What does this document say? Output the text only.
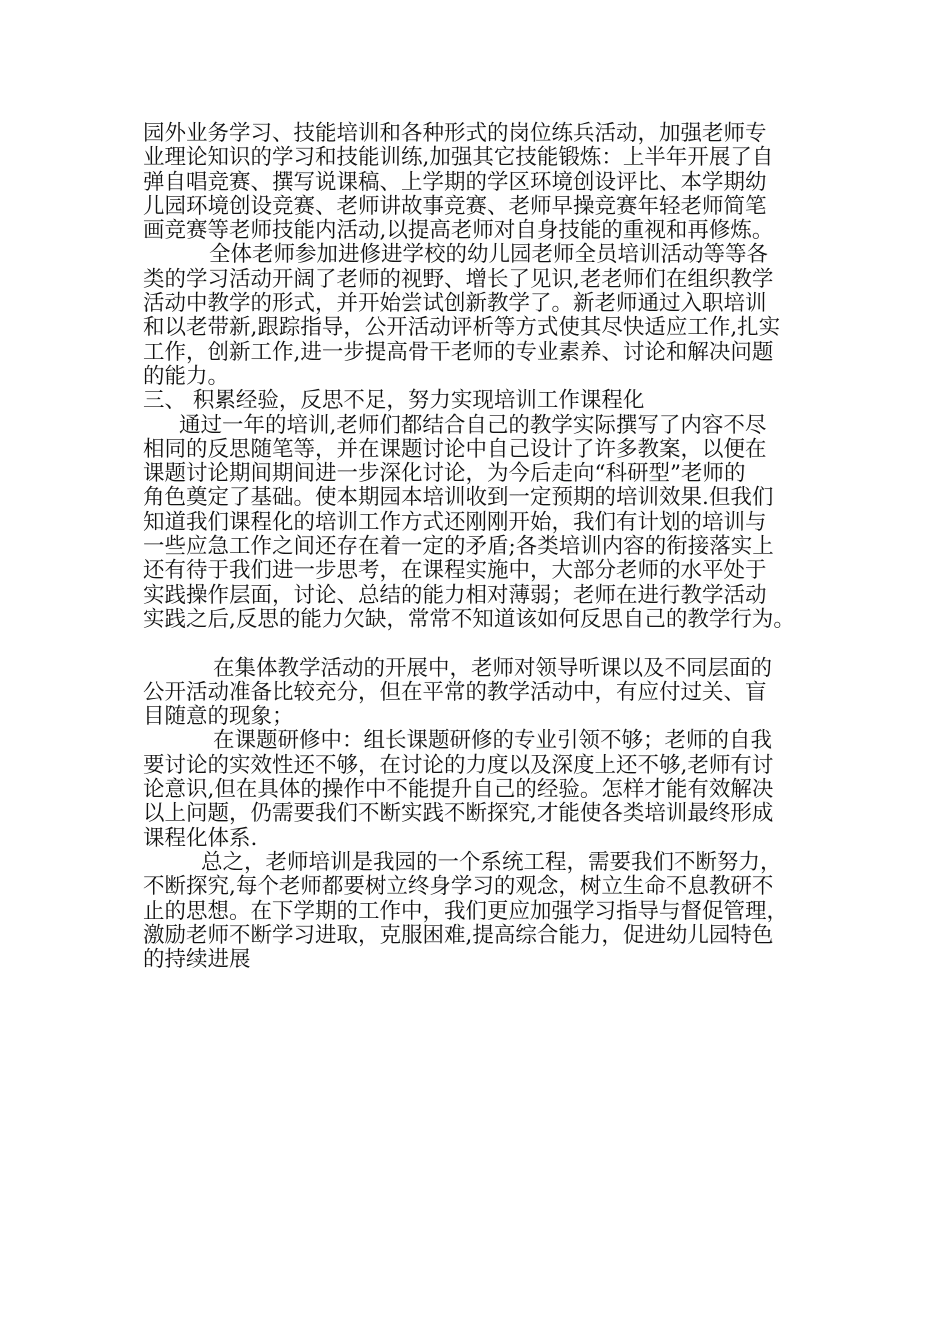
园外业务学习、技能培训和各种形式的岗位练兵活动，加强老师专
业理论知识的学习和技能训练,加强其它技能锻炼：上半年开展了自
弹自唱竞赛、撰写说课稿、上学期的学区环境创设评比、本学期幼
儿园环境创设竞赛、老师讲故事竞赛、老师早操竞赛年轻老师简笔
画竞赛等老师技能内活动,以提高老师对自身技能的重视和再修炼。
全体老师参加进修进学校的幼儿园老师全员培训活动等等各
类的学习活动开阔了老师的视野、增长了见识,老老师们在组织教学
活动中教学的形式，并开始尝试创新教学了。新老师通过入职培训
和以老带新,跟踪指导，公开活动评析等方式使其尽快适应工作,扎实
工作，创新工作,进一步提高骨干老师的专业素养、讨论和解决问题
的能力。
三、 积累经验，反思不足，努力实现培训工作课程化
通过一年的培训,老师们都结合自己的教学实际撰写了内容不尽
相同的反思随笔等，并在课题讨论中自己设计了许多教案，以便在
课题讨论期间期间进一步深化讨论，为今后走向“科研型”老师的
角色奠定了基础。使本期园本培训收到一定预期的培训效果.但我们
知道我们课程化的培训工作方式还刚刚开始，我们有计划的培训与
一些应急工作之间还存在着一定的矛盾;各类培训内容的衔接落实上
还有待于我们进一步思考，在课程实施中，大部分老师的水平处于
实践操作层面，讨论、总结的能力相对薄弱；老师在进行教学活动
实践之后,反思的能力欠缺，常常不知道该如何反思自己的教学行为。
在集体教学活动的开展中，老师对领导听课以及不同层面的
公开活动准备比较充分，但在平常的教学活动中，有应付过关、盲
目随意的现象；
在课题研修中：组长课题研修的专业引领不够；老师的自我
要讨论的实效性还不够，在讨论的力度以及深度上还不够,老师有讨
论意识,但在具体的操作中不能提升自己的经验。怎样才能有效解决
以上问题，仍需要我们不断实践不断探究,才能使各类培训最终形成
课程化体系.
总之，老师培训是我园的一个系统工程，需要我们不断努力，
不断探究,每个老师都要树立终身学习的观念，树立生命不息教研不
止的思想。在下学期的工作中，我们更应加强学习指导与督促管理，
激励老师不断学习进取，克服困难,提高综合能力，促进幼儿园特色
的持续进展
